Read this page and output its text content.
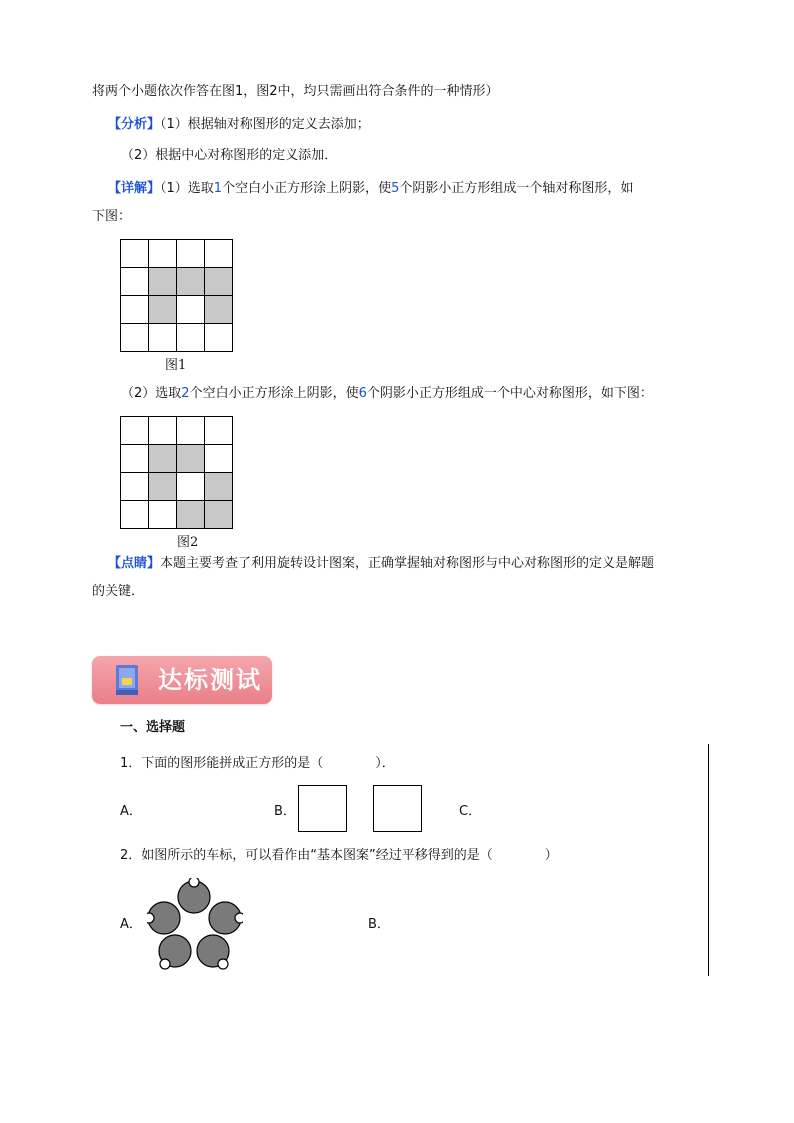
将两个小题依次作答在图1，图2中，均只需画出符合条件的一种情形）
【分析】（1）根据轴对称图形的定义去添加；
（2）根据中心对称图形的定义添加．
【详解】（1）选取1个空白小正方形涂上阴影，使5个阴影小正方形组成一个轴对称图形，如
下图：
图1
（2）选取2个空白小正方形涂上阴影，使6个阴影小正方形组成一个中心对称图形，如下图：
图2
【点睛】本题主要考查了利用旋转设计图案，正确掌握轴对称图形与中心对称图形的定义是解题
的关键．
达标测试
一、选择题
1．下面的图形能拼成正方形的是（　　　　）．
A．	B．	C．
2．如图所示的车标，可以看作由“基本图案”经过平移得到的是（　　　　）
A．	B．
